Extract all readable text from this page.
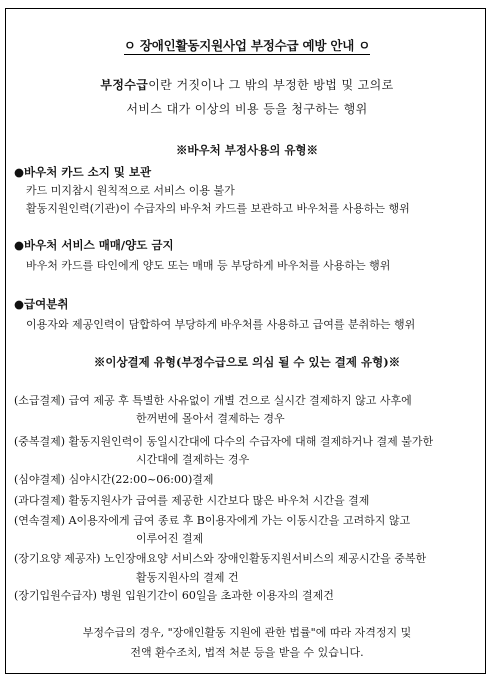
ㅇ 장애인활동지원사업 부정수급 예방 안내 ㅇ
부정수급이란 거짓이나 그 밖의 부정한 방법 및 고의로
서비스 대가 이상의 비용 등을 청구하는 행위
※바우처 부정사용의 유형※
●바우처 카드 소지 및 보관
카드 미지참시 원칙적으로 서비스 이용 불가
활동지원인력(기관)이 수급자의 바우처 카드를 보관하고 바우처를 사용하는 행위
●바우처 서비스 매매/양도 금지
바우처 카드를 타인에게 양도 또는 매매 등 부당하게 바우처를 사용하는 행위
●급여분취
이용자와 제공인력이 담합하여 부당하게 바우처를 사용하고 급여를 분취하는 행위
※이상결제 유형(부정수급으로 의심 될 수 있는 결제 유형)※
(소급결제) 급여 제공 후 특별한 사유없이 개별 건으로 실시간 결제하지 않고 사후에
한꺼번에 몰아서 결제하는 경우
(중복결제) 활동지원인력이 동일시간대에 다수의 수급자에 대해 결제하거나 결제 불가한
시간대에 결제하는 경우
(심야결제) 심야시간(22:00~06:00)결제
(과다결제) 활동지원사가 급여를 제공한 시간보다 많은 바우처 시간을 결제
(연속결제) A이용자에게 급여 종료 후 B이용자에게 가는 이동시간을 고려하지 않고
이루어진 결제
(장기요양 제공자) 노인장애요양 서비스와 장애인활동지원서비스의 제공시간을 중복한
활동지원사의 결제 건
(장기입원수급자) 병원 입원기간이 60일을 초과한 이용자의 결제건
부정수급의 경우, "장애인활동 지원에 관한 법률"에 따라 자격정지 및
전액 환수조치, 법적 처분 등을 받을 수 있습니다.
